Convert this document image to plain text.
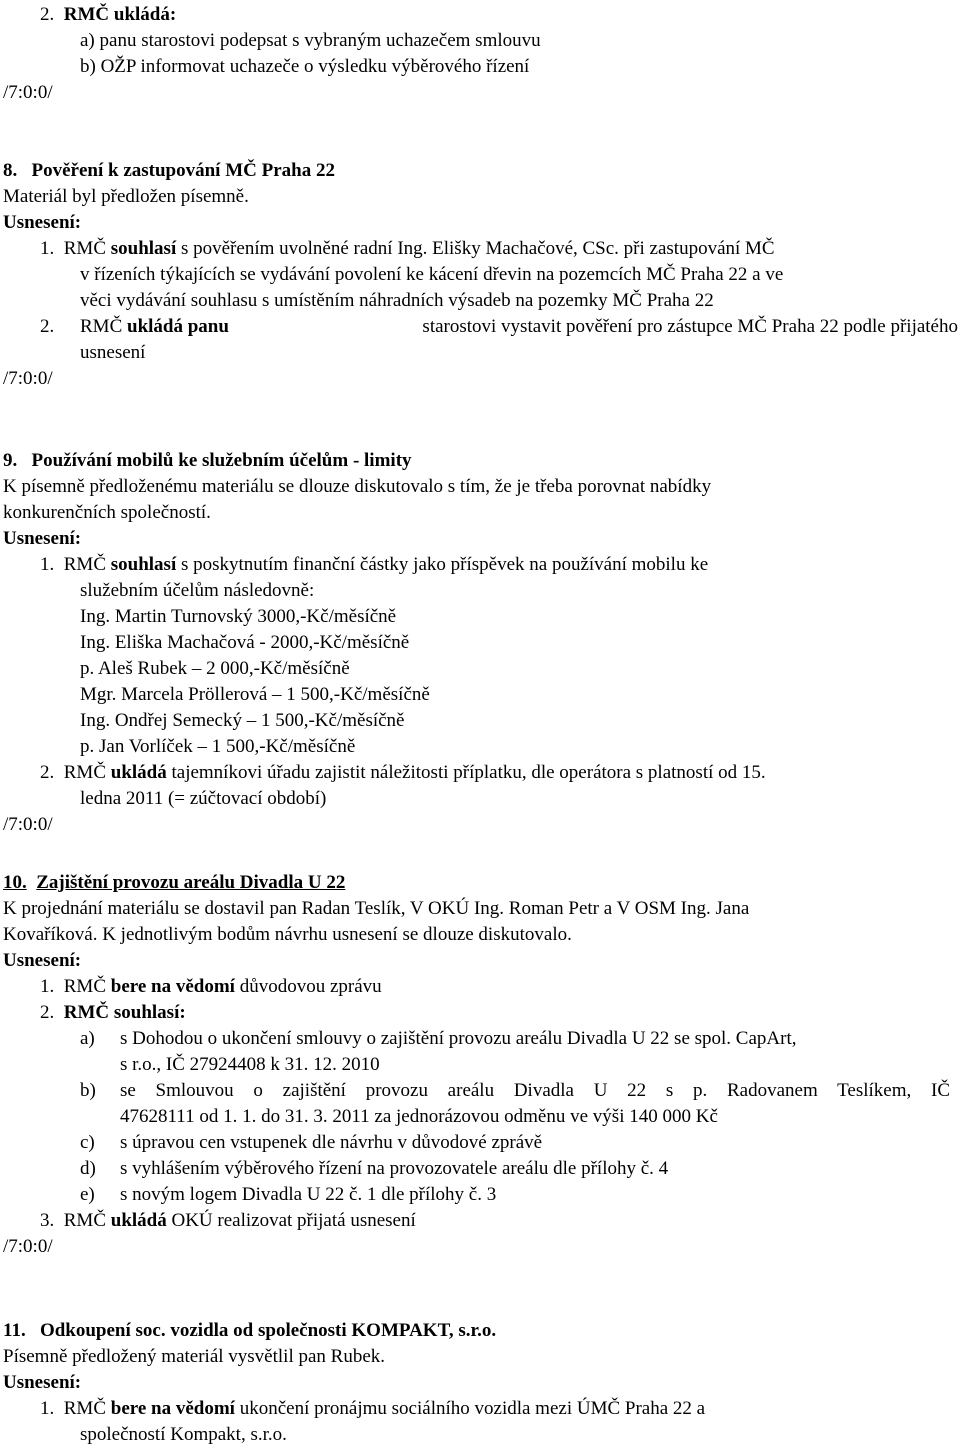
2. RMČ ukládá:
a) panu starostovi podepsat s vybraným uchazečem smlouvu
b) OŽP informovat uchazeče o výsledku výběrového řízení
/7:0:0/
8. Pověření k zastupování MČ Praha 22
Materiál byl předložen písemně.
Usnesení:
1. RMČ souhlasí s pověřením uvolněné radní Ing. Elišky Machačové, CSc. při zastupování MČ
v řízeních týkajících se vydávání povolení ke kácení dřevin na pozemcích MČ Praha 22 a ve
věci vydávání souhlasu s umístěním náhradních výsadeb na pozemky MČ Praha 22
2. RMČ ukládá panu	starostovi vystavit pověření pro zástupce MČ Praha 22 podle přijatého
usnesení
/7:0:0/
9. Používání mobilů ke služebním účelům - limity
K písemně předloženému materiálu se dlouze diskutovalo s tím, že je třeba porovnat nabídky
konkurenčních společností.
Usnesení:
1. RMČ souhlasí s poskytnutím finanční částky jako příspěvek na používání mobilu ke
služebním účelům následovně:
Ing. Martin Turnovský 3000,-Kč/měsíčně
Ing. Eliška Machačová - 2000,-Kč/měsíčně
p. Aleš Rubek – 2 000,-Kč/měsíčně
Mgr. Marcela Pröllerová – 1 500,-Kč/měsíčně
Ing. Ondřej Semecký – 1 500,-Kč/měsíčně
p. Jan Vorlíček – 1 500,-Kč/měsíčně
2. RMČ ukládá tajemníkovi úřadu zajistit náležitosti příplatku, dle operátora s platností od 15.
ledna 2011 (= zúčtovací období)
/7:0:0/
10. Zajištění provozu areálu Divadla U 22
K projednání materiálu se dostavil pan Radan Teslík, V OKÚ Ing. Roman Petr a V OSM Ing. Jana
Kovaříková. K jednotlivým bodům návrhu usnesení se dlouze diskutovalo.
Usnesení:
1. RMČ bere na vědomí důvodovou zprávu
2. RMČ souhlasí:
a) s Dohodou o ukončení smlouvy o zajištění provozu areálu Divadla U 22 se spol. CapArt,
s r.o., IČ 27924408 k 31. 12. 2010
b) se Smlouvou o zajištění provozu areálu Divadla U 22 s p. Radovanem Teslíkem, IČ
47628111 od 1. 1. do 31. 3. 2011 za jednorázovou odměnu ve výši 140 000 Kč
c) s úpravou cen vstupenek dle návrhu v důvodové zprávě
d) s vyhlášením výběrového řízení na provozovatele areálu dle přílohy č. 4
e) s novým logem Divadla U 22 č. 1 dle přílohy č. 3
3. RMČ ukládá OKÚ realizovat přijatá usnesení
/7:0:0/
11. Odkoupení soc. vozidla od společnosti KOMPAKT, s.r.o.
Písemně předložený materiál vysvětlil pan Rubek.
Usnesení:
1. RMČ bere na vědomí ukončení pronájmu sociálního vozidla mezi ÚMČ Praha 22 a
společností Kompakt, s.r.o.
